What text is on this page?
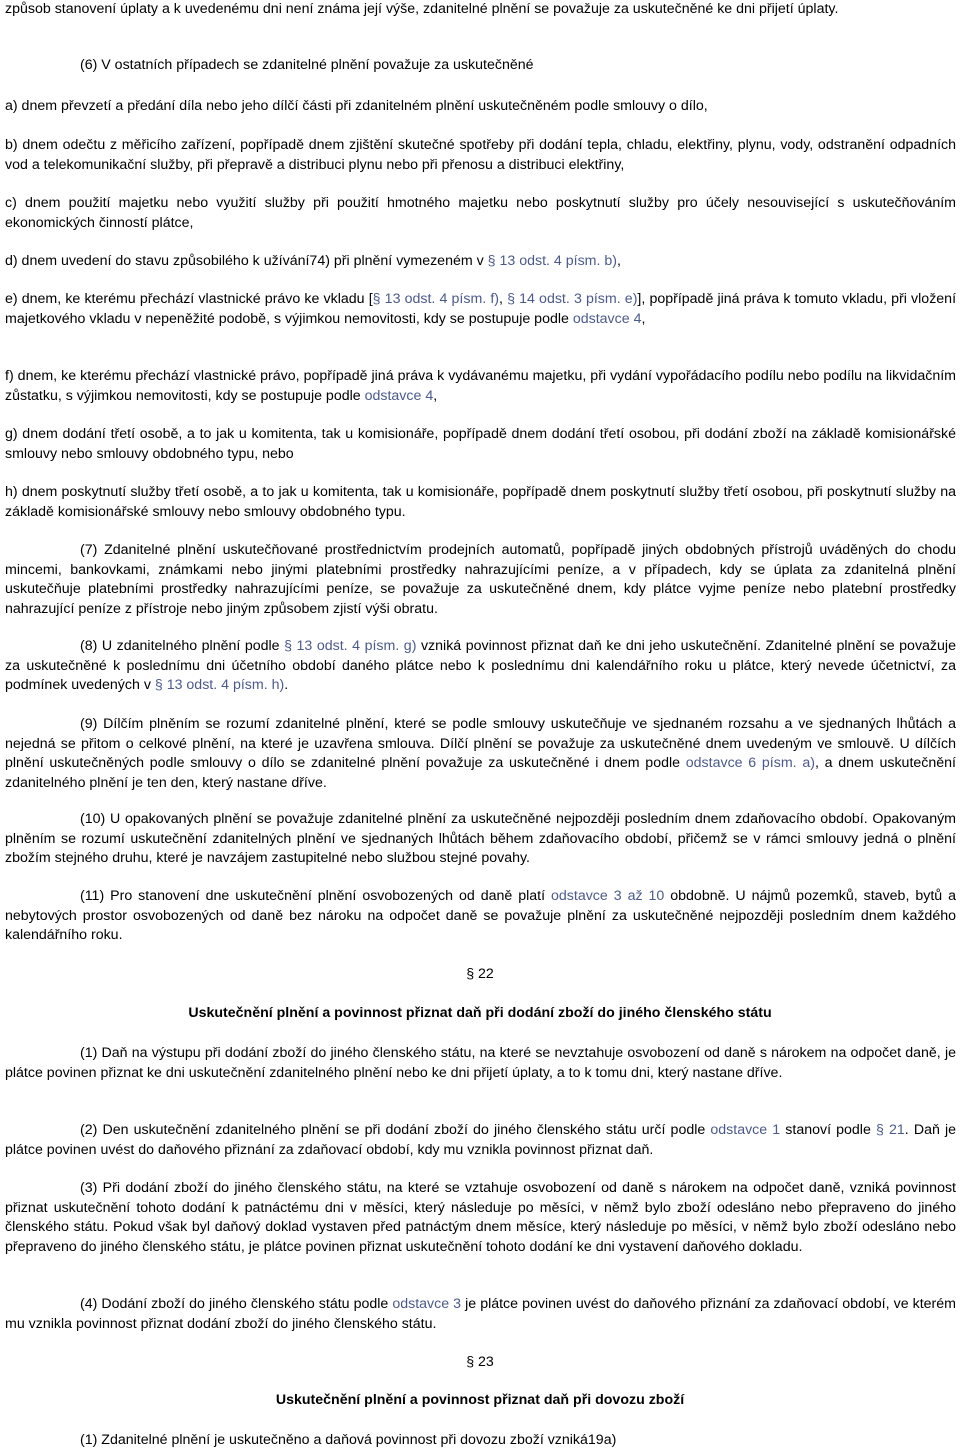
způsob stanovení úplaty a k uvedenému dni není známa její výše, zdanitelné plnění se považuje za uskutečněné ke dni přijetí úplaty.

(6) V ostatních případech se zdanitelné plnění považuje za uskutečněné

a) dnem převzetí a předání díla nebo jeho dílčí části při zdanitelném plnění uskutečněném podle smlouvy o dílo,

b) dnem odečtu z měřicího zařízení, popřípadě dnem zjištění skutečné spotřeby při dodání tepla, chladu, elektřiny, plynu, vody, odstranění odpadních vod a telekomunikační služby, při přepravě a distribuci plynu nebo při přenosu a distribuci elektřiny,

c) dnem použití majetku nebo využití služby při použití hmotného majetku nebo poskytnutí služby pro účely nesouvisející s uskutečňováním ekonomických činností plátce,

d) dnem uvedení do stavu způsobilého k užívání74) při plnění vymezeném v § 13 odst. 4 písm. b),

e) dnem, ke kterému přechází vlastnické právo ke vkladu [§ 13 odst. 4 písm. f), § 14 odst. 3 písm. e)], popřípadě jiná práva k tomuto vkladu, při vložení majetkového vkladu v nepeněžité podobě, s výjimkou nemovitosti, kdy se postupuje podle odstavce 4,

f) dnem, ke kterému přechází vlastnické právo, popřípadě jiná práva k vydávanému majetku, při vydání vypořádacího podílu nebo podílu na likvidačním zůstatku, s výjimkou nemovitosti, kdy se postupuje podle odstavce 4,

g) dnem dodání třetí osobě, a to jak u komitenta, tak u komisionáře, popřípadě dnem dodání třetí osobou, při dodání zboží na základě komisionářské smlouvy nebo smlouvy obdobného typu, nebo

h) dnem poskytnutí služby třetí osobě, a to jak u komitenta, tak u komisionáře, popřípadě dnem poskytnutí služby třetí osobou, při poskytnutí služby na základě komisionářské smlouvy nebo smlouvy obdobného typu.

(7) Zdanitelné plnění uskutečňované prostřednictvím prodejních automatů, popřípadě jiných obdobných přístrojů uváděných do chodu mincemi, bankovkami, známkami nebo jinými platebními prostředky nahrazujícími peníze, a v případech, kdy se úplata za zdanitelná plnění uskutečňuje platebními prostředky nahrazujícími peníze, se považuje za uskutečněné dnem, kdy plátce vyjme peníze nebo platební prostředky nahrazující peníze z přístroje nebo jiným způsobem zjistí výši obratu.

(8) U zdanitelného plnění podle § 13 odst. 4 písm. g) vzniká povinnost přiznat daň ke dni jeho uskutečnění. Zdanitelné plnění se považuje za uskutečněné k poslednímu dni účetního období daného plátce nebo k poslednímu dni kalendářního roku u plátce, který nevede účetnictví, za podmínek uvedených v § 13 odst. 4 písm. h).

(9) Dílčím plněním se rozumí zdanitelné plnění, které se podle smlouvy uskutečňuje ve sjednaném rozsahu a ve sjednaných lhůtách a nejedná se přitom o celkové plnění, na které je uzavřena smlouva. Dílčí plnění se považuje za uskutečněné dnem uvedeným ve smlouvě. U dílčích plnění uskutečněných podle smlouvy o dílo se zdanitelné plnění považuje za uskutečněné i dnem podle odstavce 6 písm. a), a dnem uskutečnění zdanitelného plnění je ten den, který nastane dříve.

(10) U opakovaných plnění se považuje zdanitelné plnění za uskutečněné nejpozději posledním dnem zdaňovacího období. Opakovaným plněním se rozumí uskutečnění zdanitelných plnění ve sjednaných lhůtách během zdaňovacího období, přičemž se v rámci smlouvy jedná o plnění zbožím stejného druhu, které je navzájem zastupitelné nebo službou stejné povahy.

(11) Pro stanovení dne uskutečnění plnění osvobozených od daně platí odstavce 3 až 10 obdobně. U nájmů pozemků, staveb, bytů a nebytových prostor osvobozených od daně bez nároku na odpočet daně se považuje plnění za uskutečněné nejpozději posledním dnem každého kalendářního roku.

§ 22

Uskutečnění plnění a povinnost přiznat daň při dodání zboží do jiného členského státu

(1) Daň na výstupu při dodání zboží do jiného členského státu, na které se nevztahuje osvobození od daně s nárokem na odpočet daně, je plátce povinen přiznat ke dni uskutečnění zdanitelného plnění nebo ke dni přijetí úplaty, a to k tomu dni, který nastane dříve.

(2) Den uskutečnění zdanitelného plnění se při dodání zboží do jiného členského státu určí podle odstavce 1 stanoví podle § 21. Daň je plátce povinen uvést do daňového přiznání za zdaňovací období, kdy mu vznikla povinnost přiznat daň.

(3) Při dodání zboží do jiného členského státu, na které se vztahuje osvobození od daně s nárokem na odpočet daně, vzniká povinnost přiznat uskutečnění tohoto dodání k patnáctému dni v měsíci, který následuje po měsíci, v němž bylo zboží odesláno nebo přepraveno do jiného členského státu. Pokud však byl daňový doklad vystaven před patnáctým dnem měsíce, který následuje po měsíci, v němž bylo zboží odesláno nebo přepraveno do jiného členského státu, je plátce povinen přiznat uskutečnění tohoto dodání ke dni vystavení daňového dokladu.

(4) Dodání zboží do jiného členského státu podle odstavce 3 je plátce povinen uvést do daňového přiznání za zdaňovací období, ve kterém mu vznikla povinnost přiznat dodání zboží do jiného členského státu.

§ 23

Uskutečnění plnění a povinnost přiznat daň při dovozu zboží

(1) Zdanitelné plnění je uskutečněno a daňová povinnost při dovozu zboží vzniká19a)
